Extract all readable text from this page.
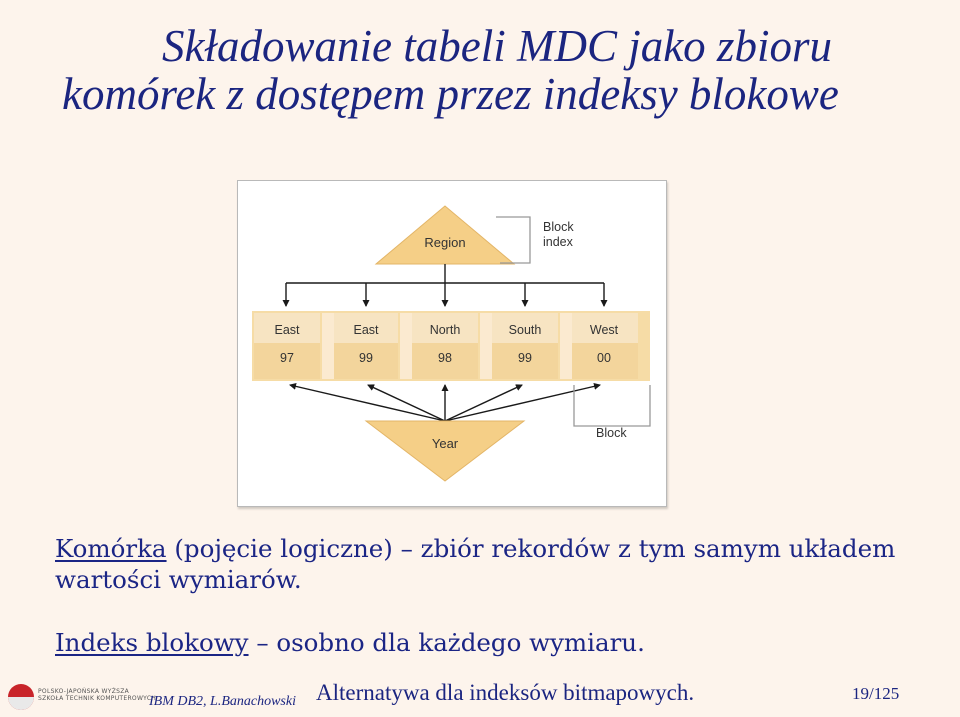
Składowanie tabeli MDC jako zbioru
komórek z dostępem przez indeksy blokowe
Region
Block
index
East
97
East
99
North
98
South
99
West
00
Year
Block
Komórka (pojęcie logiczne) – zbiór rekordów z tym samym układem wartości wymiarów.
Indeks blokowy – osobno dla każdego wymiaru.
POLSKO-JAPOŃSKA WYŻSZA
SZKOŁA TECHNIK KOMPUTEROWYCH
IBM DB2, L.Banachowski Alternatywa dla indeksów bitmapowych.	19/125
